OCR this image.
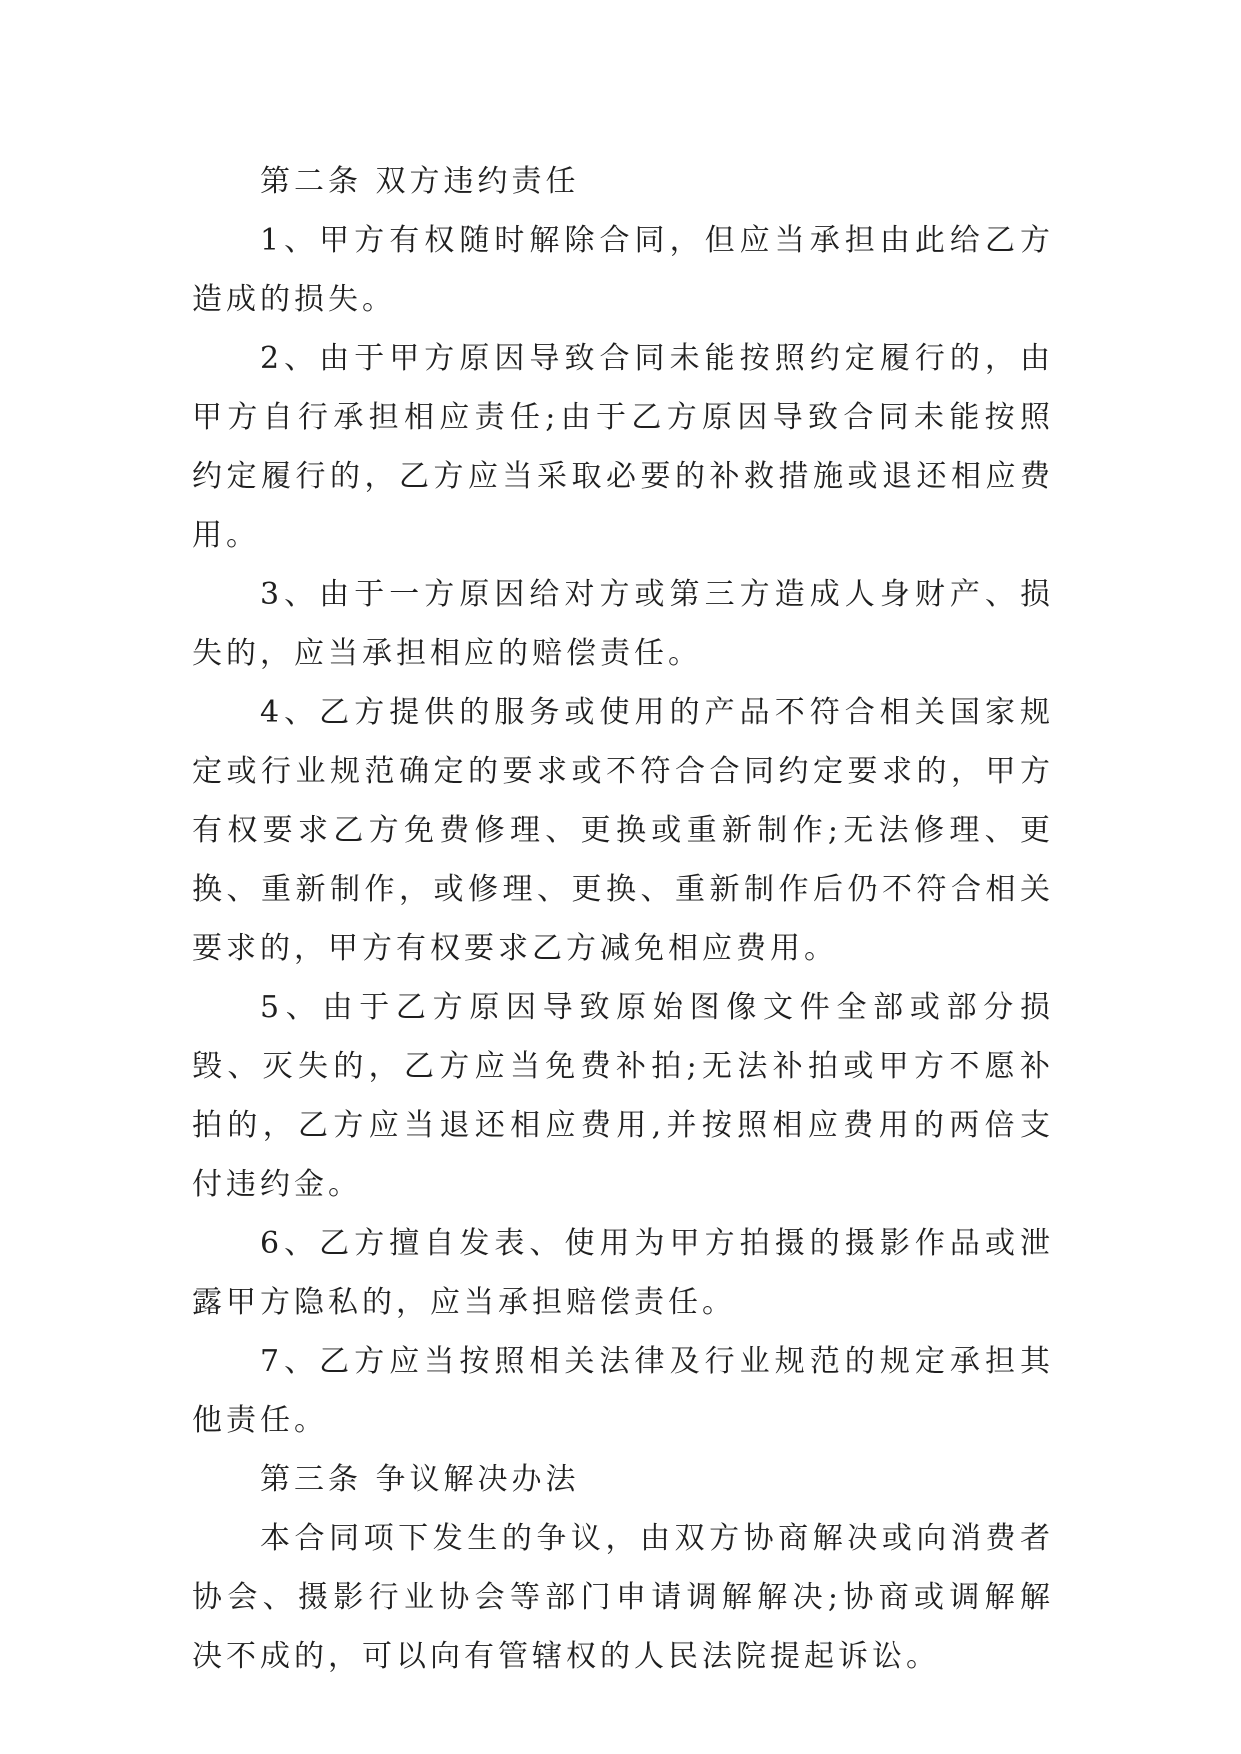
第二条 双方违约责任

1、甲方有权随时解除合同，但应当承担由此给乙方造成的损失。

2、由于甲方原因导致合同未能按照约定履行的，由甲方自行承担相应责任;由于乙方原因导致合同未能按照约定履行的，乙方应当采取必要的补救措施或退还相应费用。

3、由于一方原因给对方或第三方造成人身财产、损失的，应当承担相应的赔偿责任。

4、乙方提供的服务或使用的产品不符合相关国家规定或行业规范确定的要求或不符合合同约定要求的，甲方有权要求乙方免费修理、更换或重新制作;无法修理、更换、重新制作，或修理、更换、重新制作后仍不符合相关要求的，甲方有权要求乙方减免相应费用。

5、由于乙方原因导致原始图像文件全部或部分损毁、灭失的，乙方应当免费补拍;无法补拍或甲方不愿补拍的，乙方应当退还相应费用,并按照相应费用的两倍支付违约金。

6、乙方擅自发表、使用为甲方拍摄的摄影作品或泄露甲方隐私的，应当承担赔偿责任。

7、乙方应当按照相关法律及行业规范的规定承担其他责任。

第三条 争议解决办法

本合同项下发生的争议，由双方协商解决或向消费者协会、摄影行业协会等部门申请调解解决;协商或调解解决不成的，可以向有管辖权的人民法院提起诉讼。
